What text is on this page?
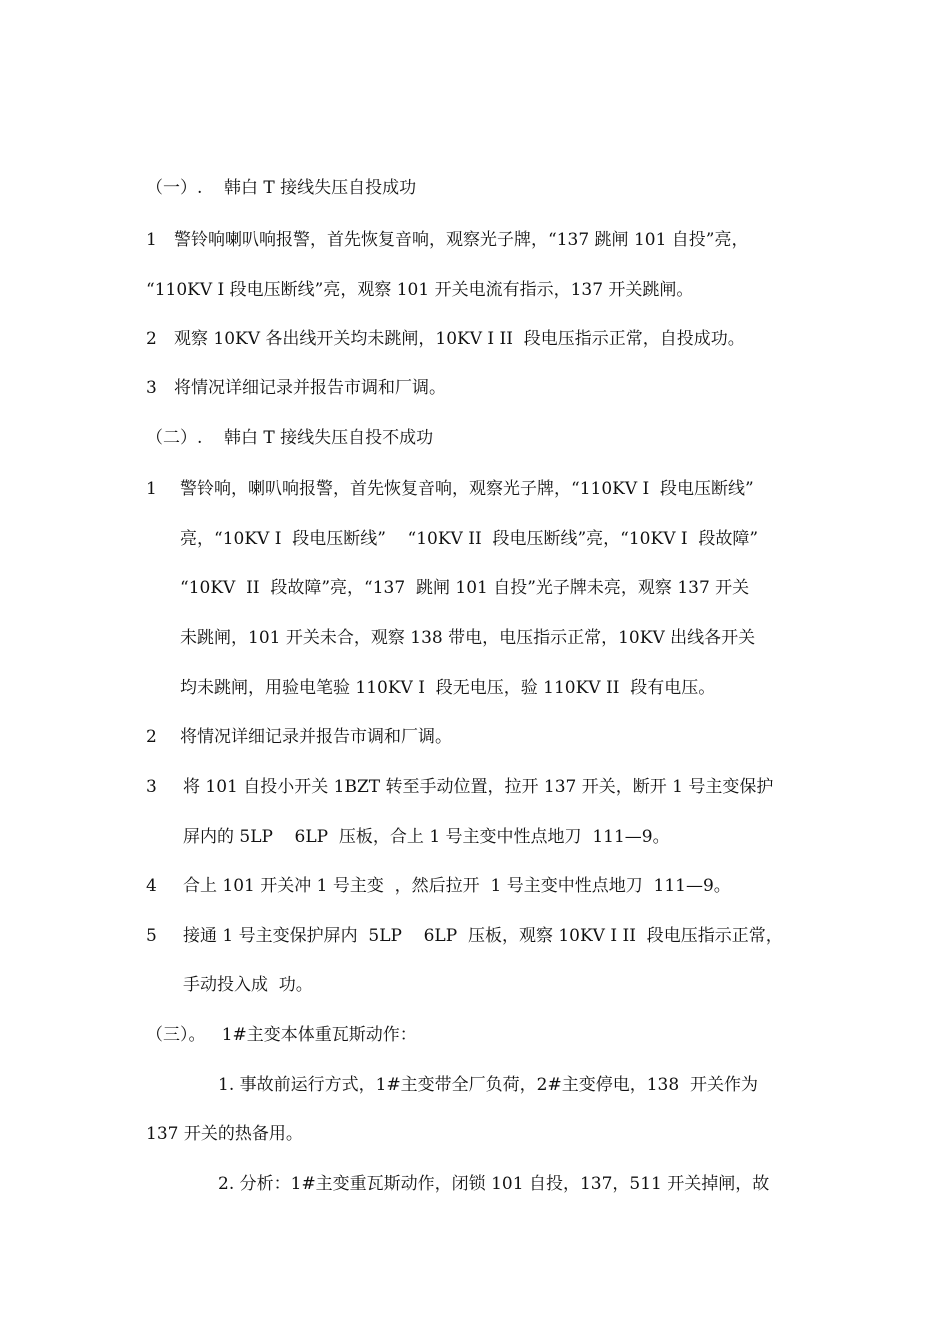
（一）.    韩白 T 接线失压自投成功
1 警铃响喇叭响报警，首先恢复音响，观察光子牌，“137 跳闸 101 自投”亮，
“110KV I 段电压断线”亮，观察 101 开关电流有指示，137 开关跳闸。
2 观察 10KV 各出线开关均未跳闸，10KV I II  段电压指示正常，自投成功。
3 将情况详细记录并报告市调和厂调。
（二）.    韩白 T 接线失压自投不成功
1 警铃响，喇叭响报警，首先恢复音响，观察光子牌，“110KV I  段电压断线”
亮，“10KV I  段电压断线”    “10KV II  段电压断线”亮，“10KV I  段故障”
“10KV  II  段故障”亮，“137  跳闸 101 自投”光子牌未亮，观察 137 开关
未跳闸，101 开关未合，观察 138 带电，电压指示正常，10KV 出线各开关
均未跳闸，用验电笔验 110KV I  段无电压，验 110KV II  段有电压。
2 将情况详细记录并报告市调和厂调。
3 将 101 自投小开关 1BZT 转至手动位置，拉开 137 开关，断开 1 号主变保护
屏内的 5LP    6LP  压板，合上 1 号主变中性点地刀  111—9。
4 合上 101 开关冲 1 号主变  ，然后拉开  1 号主变中性点地刀  111—9。
5 接通 1 号主变保护屏内  5LP    6LP  压板，观察 10KV I II  段电压指示正常，
手动投入成  功。
（三）。   1#主变本体重瓦斯动作：
1. 事故前运行方式，1#主变带全厂负荷，2#主变停电，138  开关作为
137 开关的热备用。
2. 分析：1#主变重瓦斯动作，闭锁 101 自投，137，511 开关掉闸，故
